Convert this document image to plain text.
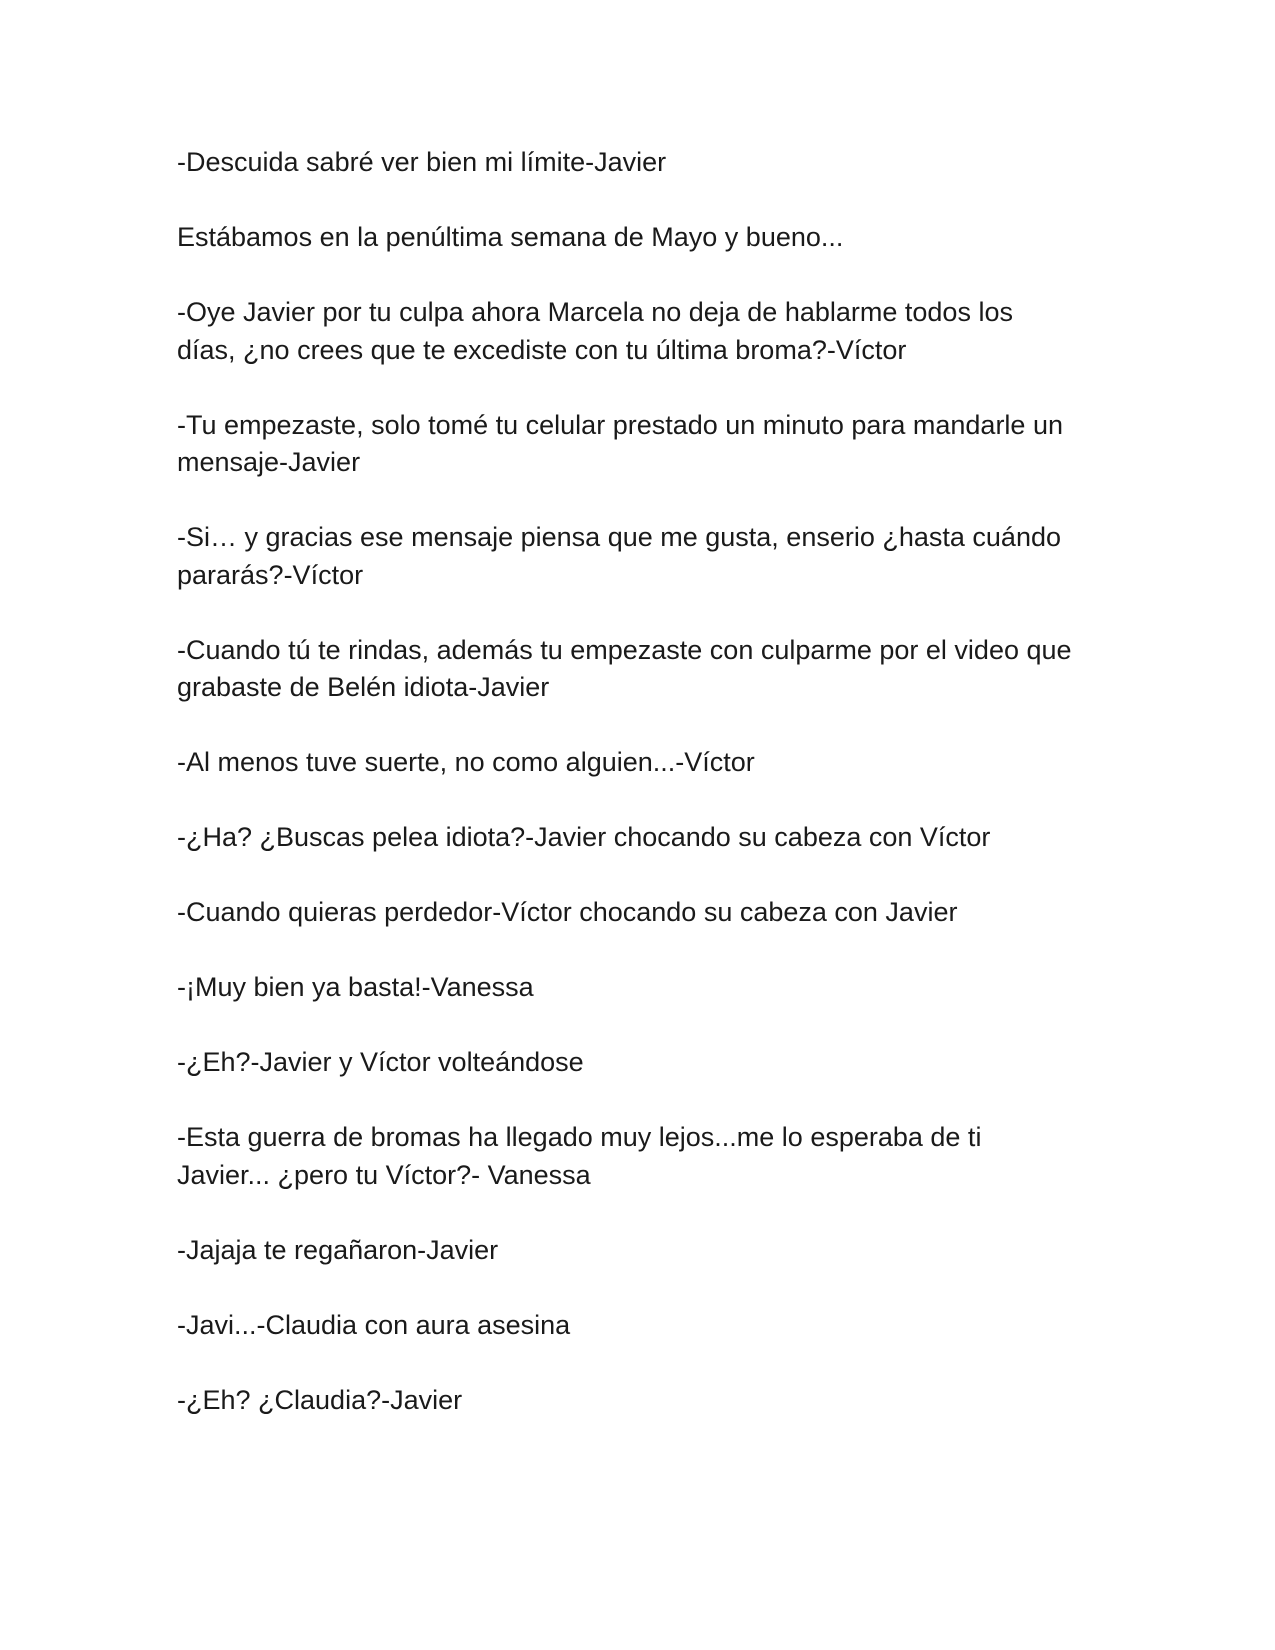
-Descuida sabré ver bien mi límite-Javier

Estábamos en la penúltima semana de Mayo y bueno...

-Oye Javier por tu culpa ahora Marcela no deja de hablarme todos los días, ¿no crees que te excediste con tu última broma?-Víctor

-Tu empezaste, solo tomé tu celular prestado un minuto para mandarle un mensaje-Javier

-Si… y gracias ese mensaje piensa que me gusta, enserio ¿hasta cuándo pararás?-Víctor

-Cuando tú te rindas, además tu empezaste con culparme por el video que grabaste de Belén idiota-Javier

-Al menos tuve suerte, no como alguien...-Víctor

-¿Ha? ¿Buscas pelea idiota?-Javier chocando su cabeza con Víctor

-Cuando quieras perdedor-Víctor chocando su cabeza con Javier

-¡Muy bien ya basta!-Vanessa

-¿Eh?-Javier y Víctor volteándose

-Esta guerra de bromas ha llegado muy lejos...me lo esperaba de ti Javier... ¿pero tu Víctor?- Vanessa

-Jajaja te regañaron-Javier

-Javi...-Claudia con aura asesina

-¿Eh? ¿Claudia?-Javier
